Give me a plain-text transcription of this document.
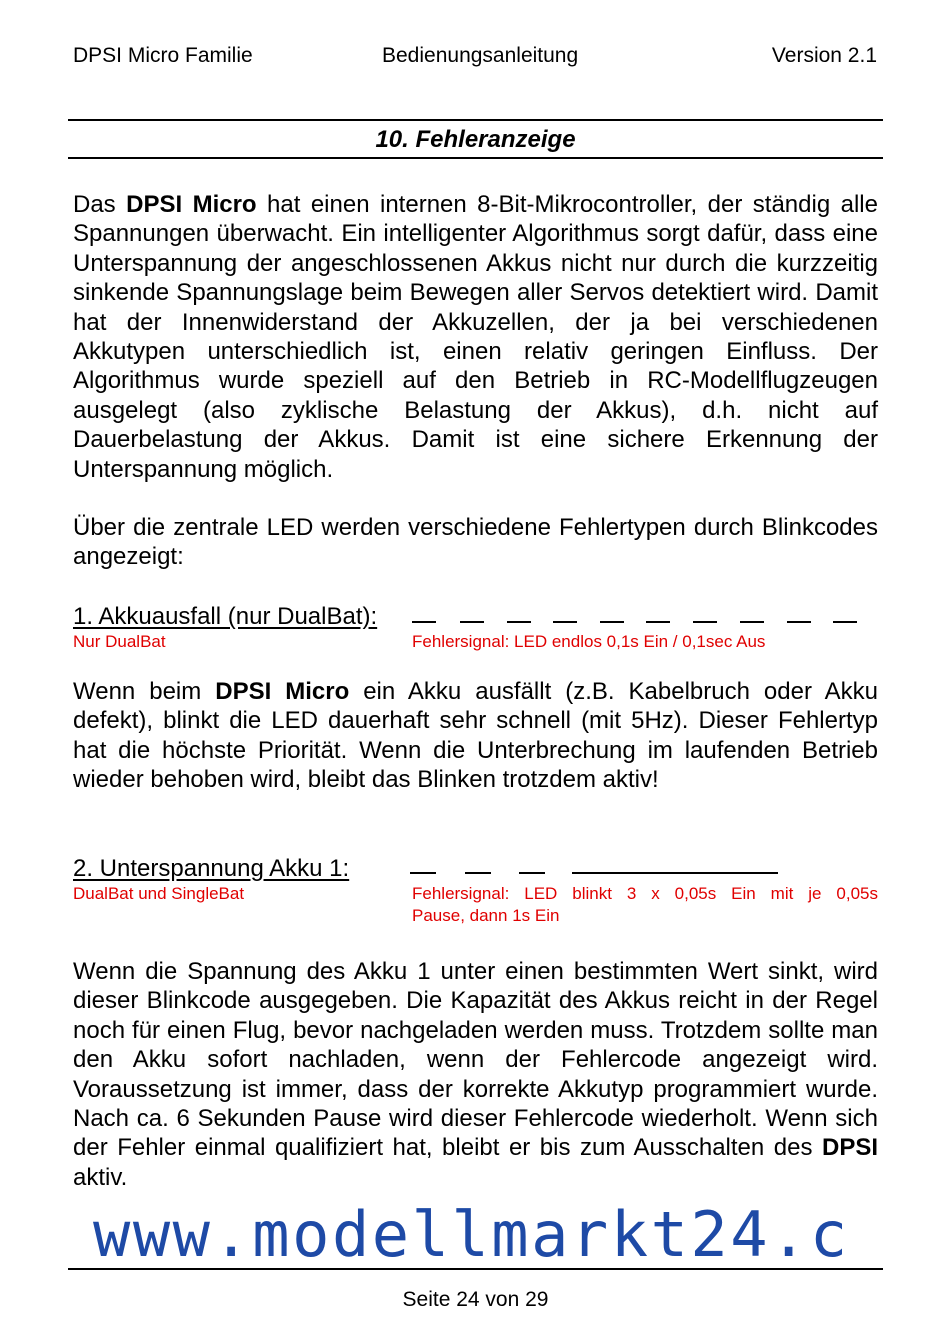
DPSI Micro Familie	Bedienungsanleitung	Version 2.1
10. Fehleranzeige

Das DPSI Micro hat einen internen 8-Bit-Mikrocontroller, der ständig alle Spannungen überwacht. Ein intelligenter Algorithmus sorgt dafür, dass eine Unterspannung der angeschlossenen Akkus nicht nur durch die kurzzeitig sinkende Spannungslage beim Bewegen aller Servos detektiert wird. Damit hat der Innenwiderstand der Akkuzellen, der ja bei verschiedenen Akkutypen unterschiedlich ist, einen relativ geringen Einfluss. Der Algorithmus wurde speziell auf den Betrieb in RC-Modellflugzeugen ausgelegt (also zyklische Belastung der Akkus), d.h. nicht auf Dauerbelastung der Akkus. Damit ist eine sichere Erkennung der Unterspannung möglich.

Über die zentrale LED werden verschiedene Fehlertypen durch Blinkcodes angezeigt:

1. Akkuausfall (nur DualBat):
Nur DualBat	Fehlersignal: LED endlos 0,1s Ein / 0,1sec Aus

Wenn beim DPSI Micro ein Akku ausfällt (z.B. Kabelbruch oder Akku defekt), blinkt die LED dauerhaft sehr schnell (mit 5Hz). Dieser Fehlertyp hat die höchste Priorität. Wenn die Unterbrechung im laufenden Betrieb wieder behoben wird, bleibt das Blinken trotzdem aktiv!

2. Unterspannung Akku 1:
DualBat und SingleBat	Fehlersignal: LED blinkt 3 x 0,05s Ein mit je 0,05s
Pause, dann 1s Ein

Wenn die Spannung des Akku 1 unter einen bestimmten Wert sinkt, wird dieser Blinkcode ausgegeben. Die Kapazität des Akkus reicht in der Regel noch für einen Flug, bevor nachgeladen werden muss. Trotzdem sollte man den Akku sofort nachladen, wenn der Fehlercode angezeigt wird. Voraussetzung ist immer, dass der korrekte Akkutyp programmiert wurde. Nach ca. 6 Sekunden Pause wird dieser Fehlercode wiederholt. Wenn sich der Fehler einmal qualifiziert hat, bleibt er bis zum Ausschalten des DPSI aktiv.

www.modellmarkt24.c
Seite 24 von 29
